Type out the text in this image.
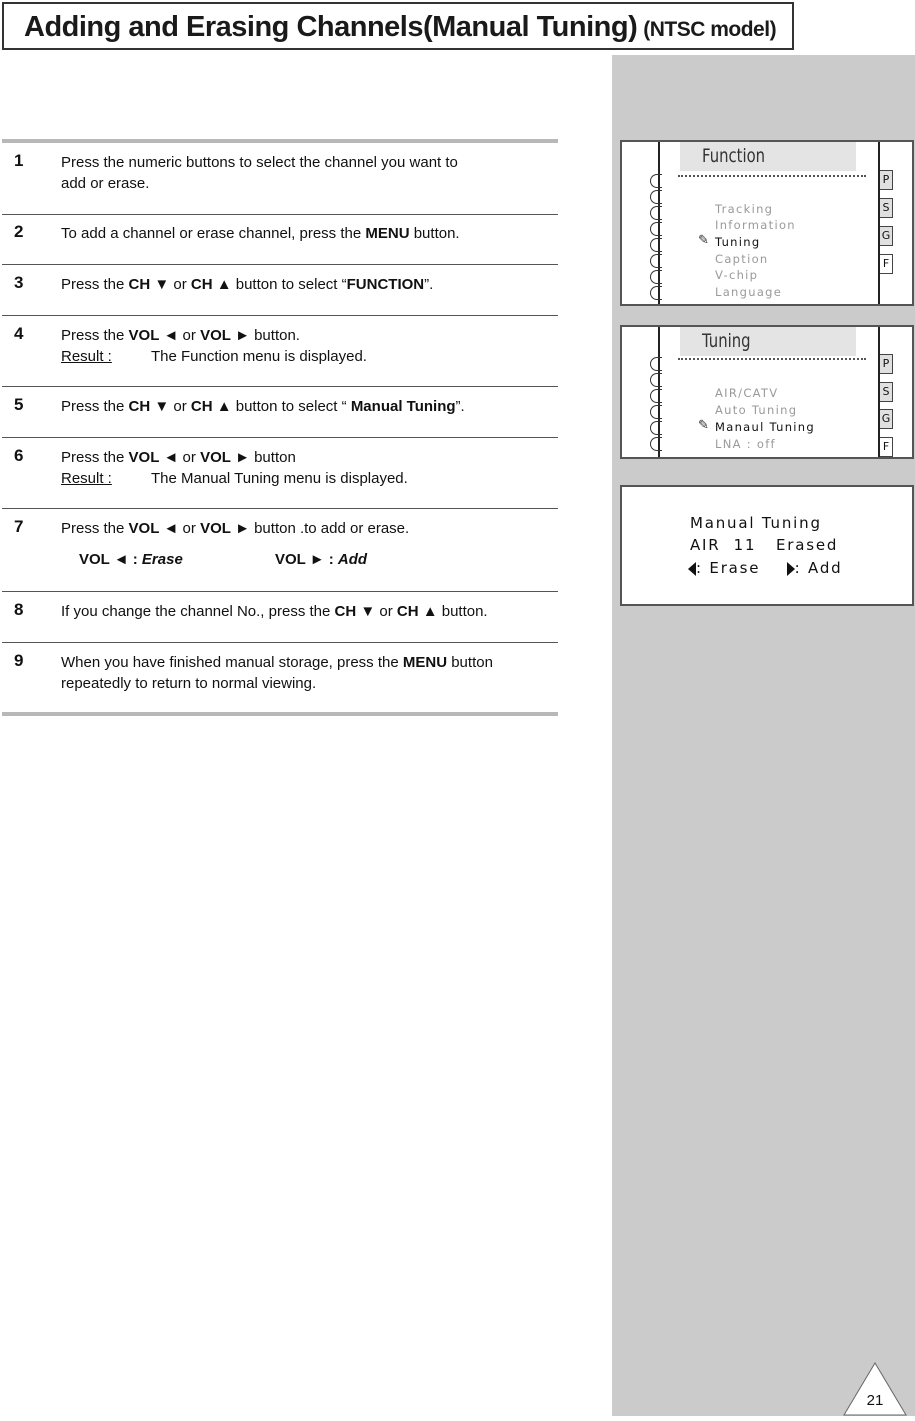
Adding and Erasing Channels(Manual Tuning) (NTSC model)
1	Press the numeric buttons to select the channel you want to
add or erase.
2	To add a channel or erase channel, press the MENU button.
3	Press the CH ▼ or CH ▲ button to select “FUNCTION”.
4	Press the VOL ◄ or VOL ► button.
Result :	The Function menu is displayed.
5	Press the CH ▼ or CH ▲ button to select “ Manual Tuning”.
6	Press the VOL ◄ or VOL ► button
Result :	The Manual Tuning menu is displayed.
7	Press the VOL ◄ or VOL ► button .to add or erase.
VOL ◄ : Erase	VOL ► : Add
8	If you change the channel No., press the CH ▼ or CH ▲ button.
9	When you have finished manual storage, press the MENU button
repeatedly to return to normal viewing.
Function
Tracking
Information
✎ Tuning
Caption
V-chip
Language
P
S
G
F
Tuning
AIR/CATV
Auto Tuning
✎ Manaul Tuning
LNA : off
P
S
G
F
Manual Tuning
AIR  11   Erased
: Erase : Add
21
